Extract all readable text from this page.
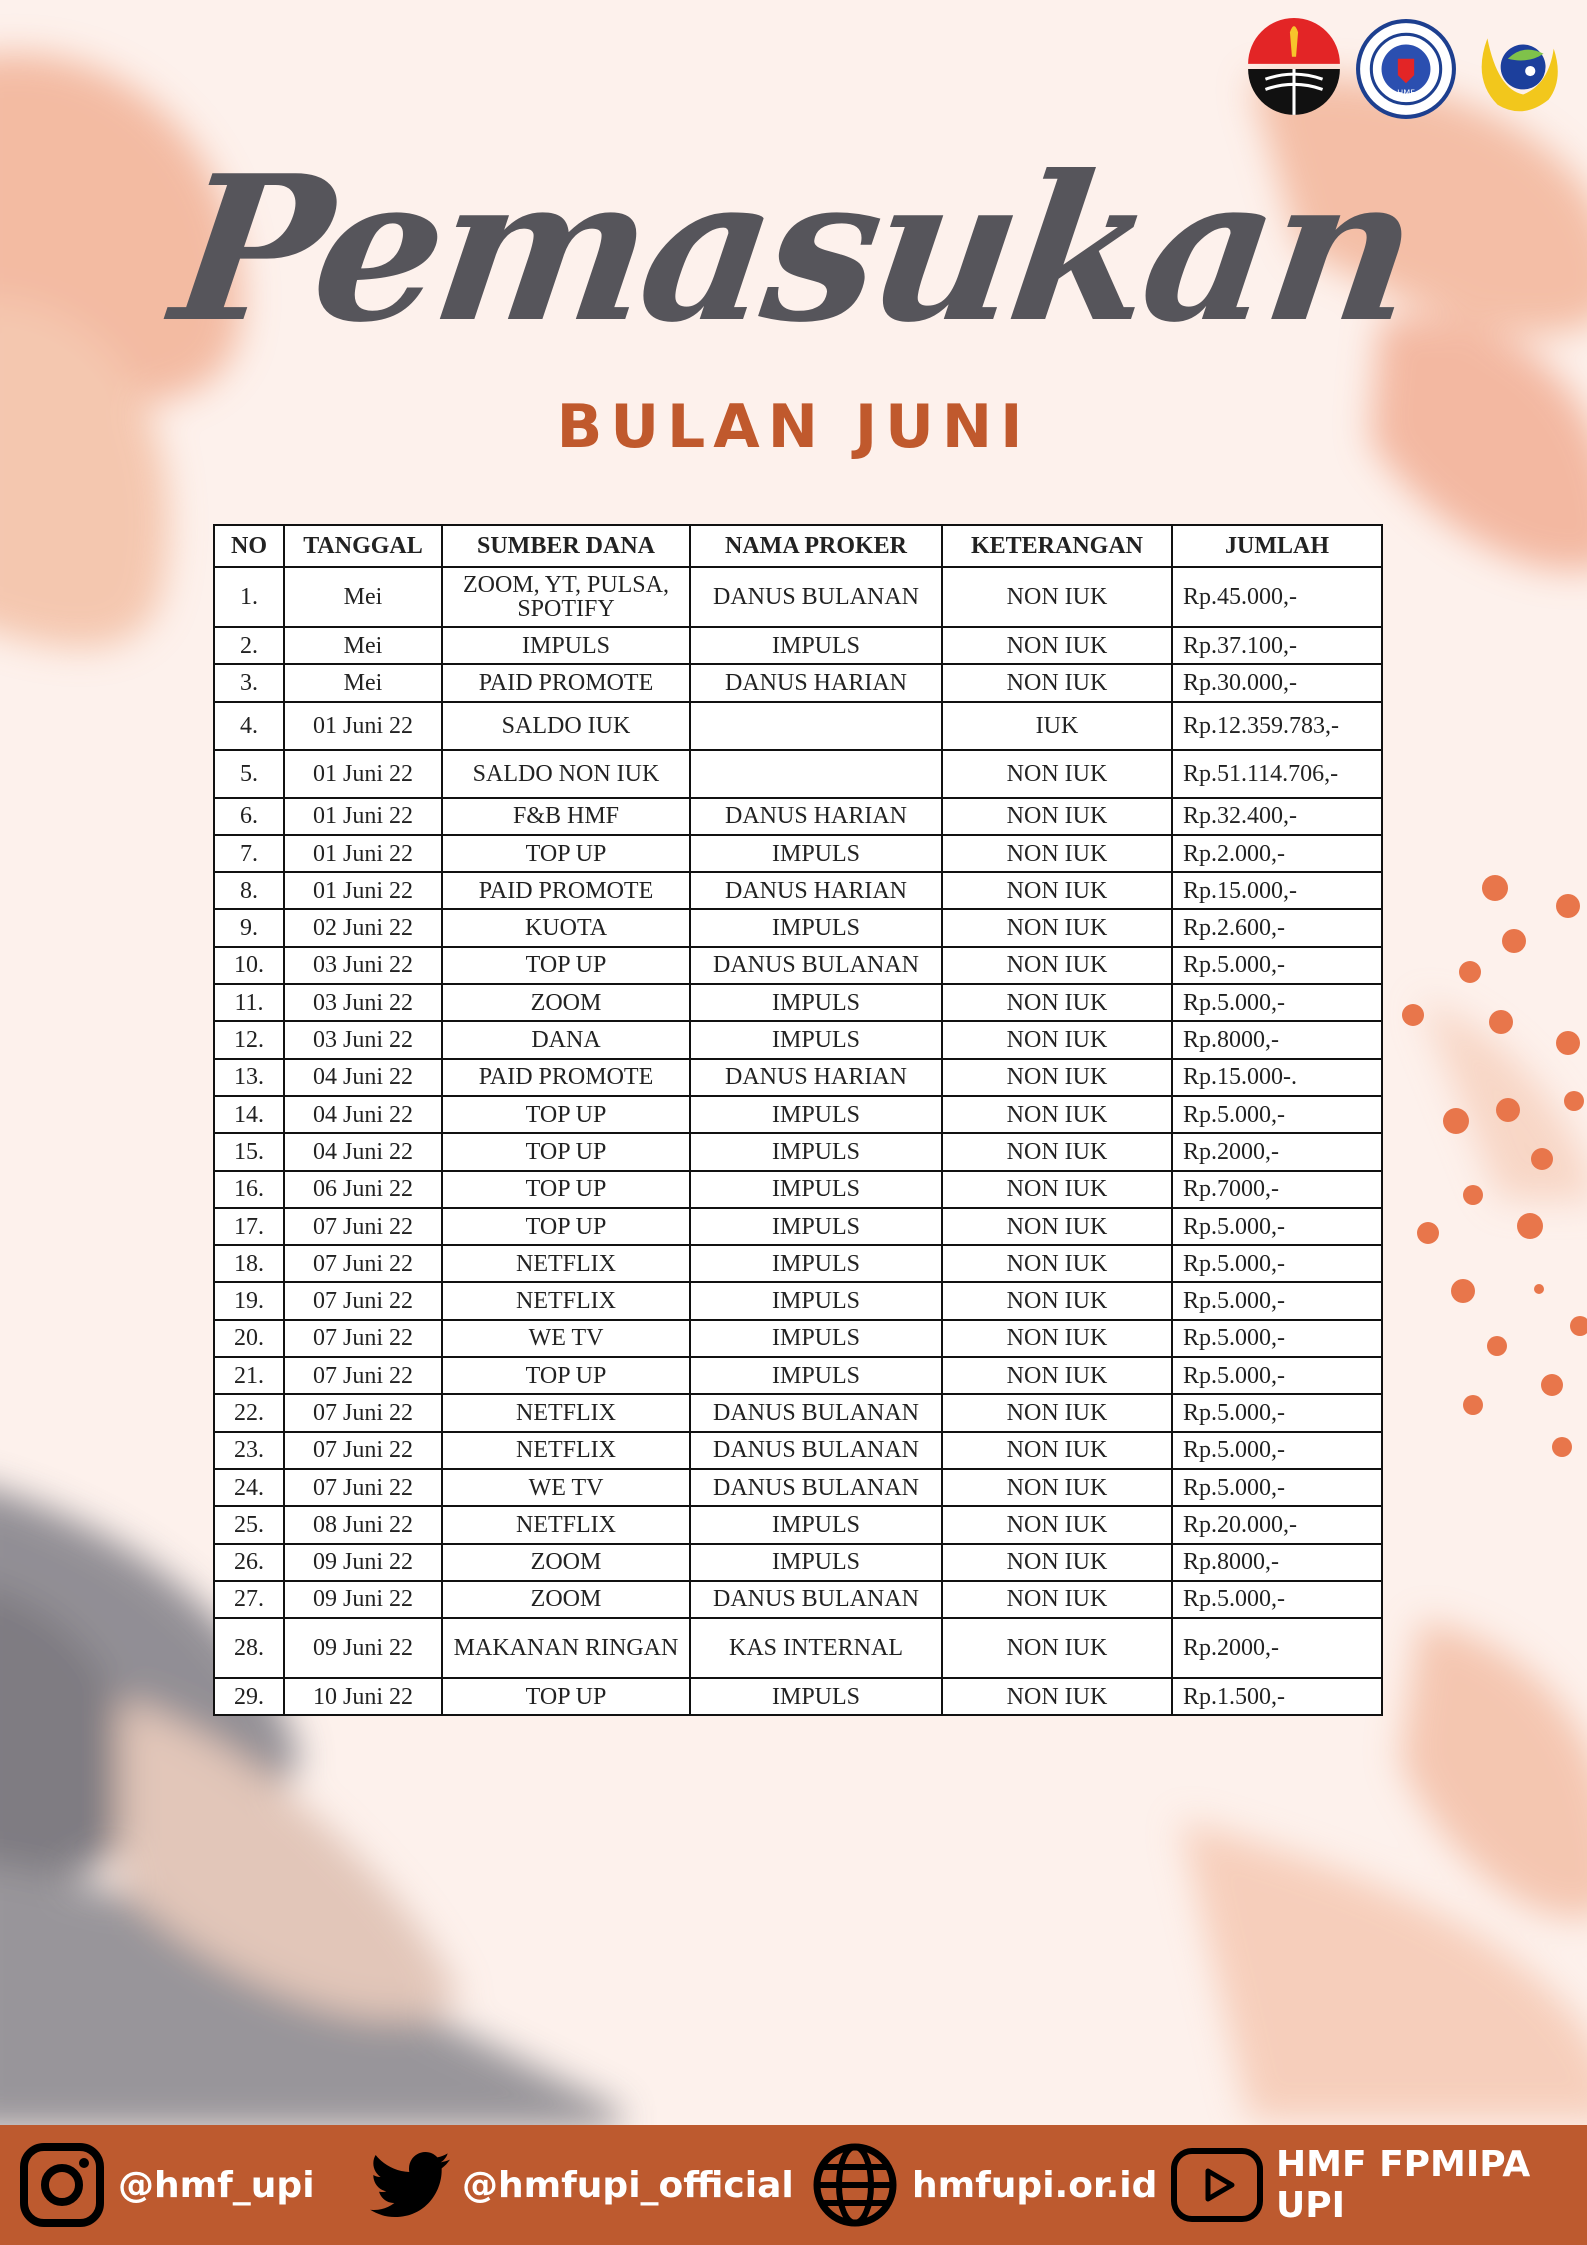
HMF
Pemasukan
BULAN JUNI
NO	TANGGAL	SUMBER DANA	NAMA PROKER	KETERANGAN	JUMLAH
1.	Mei	ZOOM, YT, PULSA, SPOTIFY	DANUS BULANAN	NON IUK	Rp.45.000,-
2.	Mei	IMPULS	IMPULS	NON IUK	Rp.37.100,-
3.	Mei	PAID PROMOTE	DANUS HARIAN	NON IUK	Rp.30.000,-
4.	01 Juni 22	SALDO IUK		IUK	Rp.12.359.783,-
5.	01 Juni 22	SALDO NON IUK		NON IUK	Rp.51.114.706,-
6.	01 Juni 22	F&B HMF	DANUS HARIAN	NON IUK	Rp.32.400,-
7.	01 Juni 22	TOP UP	IMPULS	NON IUK	Rp.2.000,-
8.	01 Juni 22	PAID PROMOTE	DANUS HARIAN	NON IUK	Rp.15.000,-
9.	02 Juni 22	KUOTA	IMPULS	NON IUK	Rp.2.600,-
10.	03 Juni 22	TOP UP	DANUS BULANAN	NON IUK	Rp.5.000,-
11.	03 Juni 22	ZOOM	IMPULS	NON IUK	Rp.5.000,-
12.	03 Juni 22	DANA	IMPULS	NON IUK	Rp.8000,-
13.	04 Juni 22	PAID PROMOTE	DANUS HARIAN	NON IUK	Rp.15.000-.
14.	04 Juni 22	TOP UP	IMPULS	NON IUK	Rp.5.000,-
15.	04 Juni 22	TOP UP	IMPULS	NON IUK	Rp.2000,-
16.	06 Juni 22	TOP UP	IMPULS	NON IUK	Rp.7000,-
17.	07 Juni 22	TOP UP	IMPULS	NON IUK	Rp.5.000,-
18.	07 Juni 22	NETFLIX	IMPULS	NON IUK	Rp.5.000,-
19.	07 Juni 22	NETFLIX	IMPULS	NON IUK	Rp.5.000,-
20.	07 Juni 22	WE TV	IMPULS	NON IUK	Rp.5.000,-
21.	07 Juni 22	TOP UP	IMPULS	NON IUK	Rp.5.000,-
22.	07 Juni 22	NETFLIX	DANUS BULANAN	NON IUK	Rp.5.000,-
23.	07 Juni 22	NETFLIX	DANUS BULANAN	NON IUK	Rp.5.000,-
24.	07 Juni 22	WE TV	DANUS BULANAN	NON IUK	Rp.5.000,-
25.	08 Juni 22	NETFLIX	IMPULS	NON IUK	Rp.20.000,-
26.	09 Juni 22	ZOOM	IMPULS	NON IUK	Rp.8000,-
27.	09 Juni 22	ZOOM	DANUS BULANAN	NON IUK	Rp.5.000,-
28.	09 Juni 22	MAKANAN RINGAN	KAS INTERNAL	NON IUK	Rp.2000,-
29.	10 Juni 22	TOP UP	IMPULS	NON IUK	Rp.1.500,-
@hmf_upi	@hmfupi_official	hmfupi.or.id	HMF FPMIPA UPI
